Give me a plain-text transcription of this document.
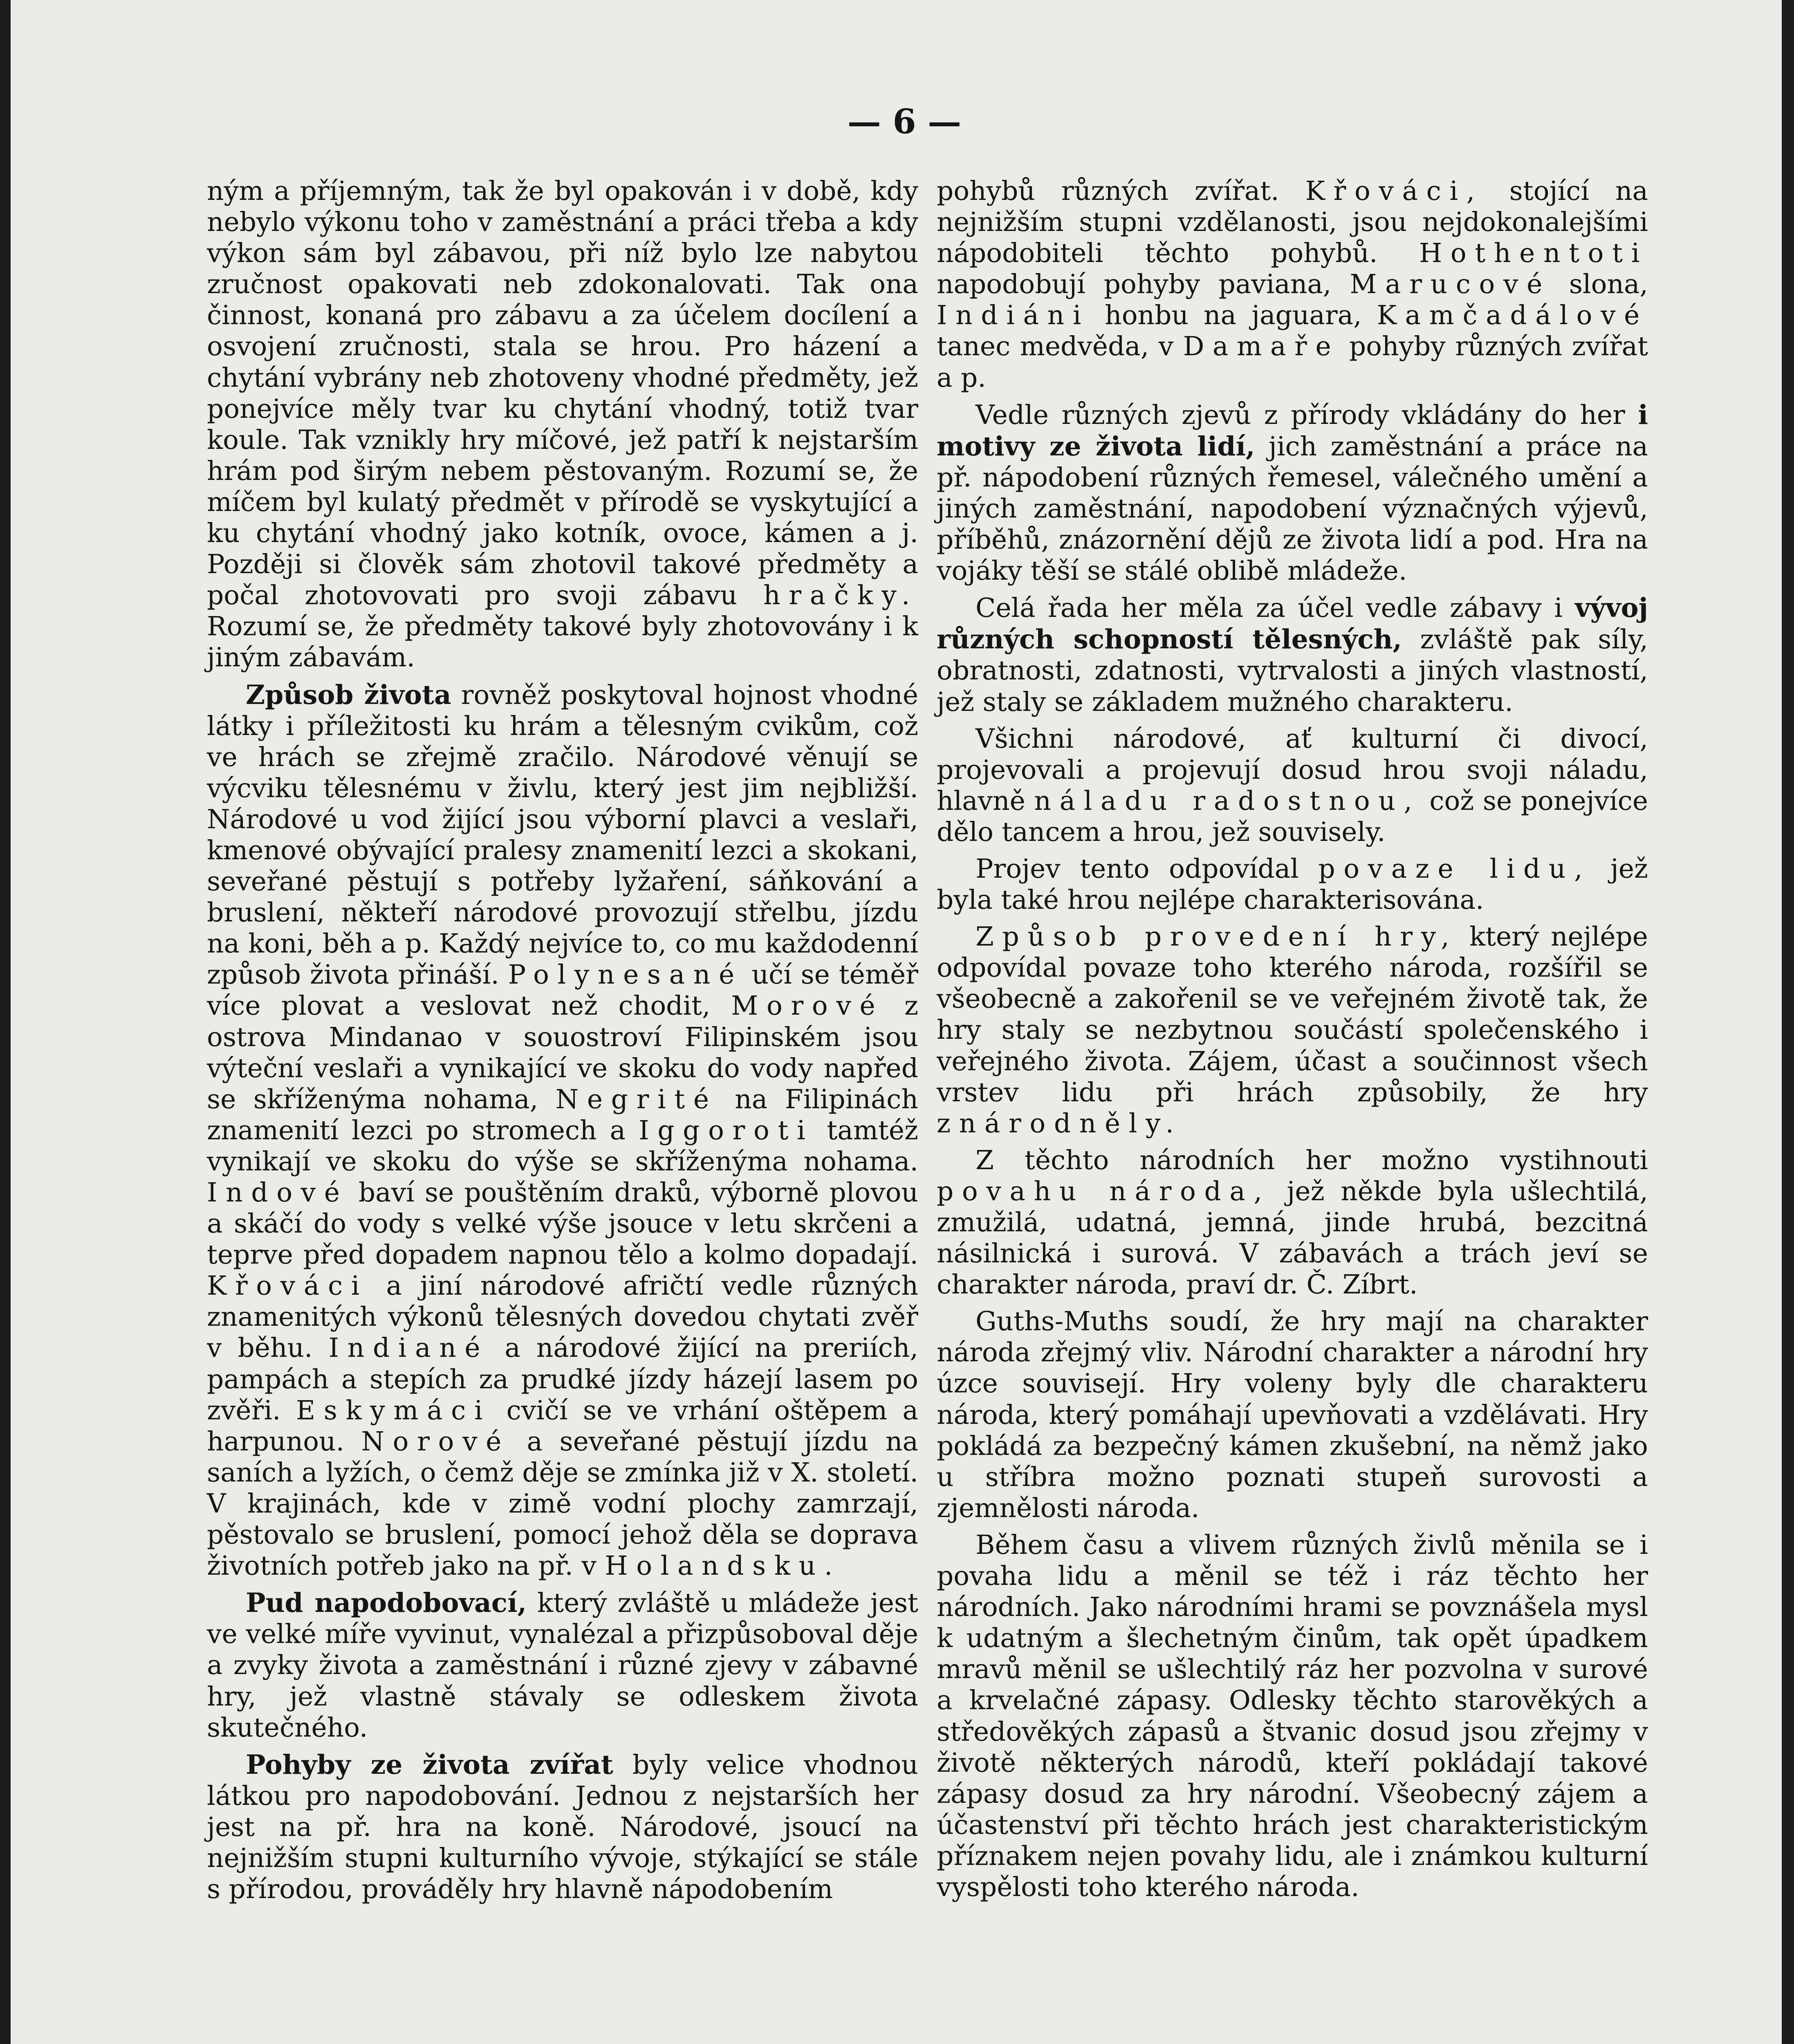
— 6 —

ným a příjemným, tak že byl opakován i v době, kdy nebylo výkonu toho v zaměstnání a práci třeba a kdy výkon sám byl zábavou, při níž bylo lze nabytou zručnost opakovati neb zdokonalovati. Tak ona činnost, konaná pro zábavu a za účelem docílení a osvojení zručnosti, stala se hrou. Pro házení a chytání vybrány neb zhotoveny vhodné předměty, jež ponejvíce měly tvar ku chytání vhodný, totiž tvar koule. Tak vznikly hry míčové, jež patří k nejstarším hrám pod širým nebem pěstovaným. Rozumí se, že míčem byl kulatý předmět v přírodě se vyskytující a ku chytání vhodný jako kotník, ovoce, kámen a j. Později si člověk sám zhotovil takové předměty a počal zhotovovati pro svoji zábavu hračky. Rozumí se, že předměty takové byly zhotovovány i k jiným zábavám.

Způsob života rovněž poskytoval hojnost vhodné látky i příležitosti ku hrám a tělesným cvikům, což ve hrách se zřejmě zračilo. Národové věnují se výcviku tělesnému v živlu, který jest jim nejbližší. Národové u vod žijící jsou výborní plavci a veslaři, kmenové obývající pralesy znamenití lezci a skokani, seveřané pěstují s potřeby lyžaření, sáňkování a bruslení, někteří národové provozují střelbu, jízdu na koni, běh a p. Každý nejvíce to, co mu každodenní způsob života přináší. Polynesané učí se téměř více plovat a veslovat než chodit, Morové z ostrova Mindanao v souostroví Filipinském jsou výteční veslaři a vynikající ve skoku do vody napřed se skříženýma nohama, Negrité na Filipinách znamenití lezci po stromech a Iggoroti tamtéž vynikají ve skoku do výše se skříženýma nohama. Indové baví se pouštěním draků, výborně plovou a skáčí do vody s velké výše jsouce v letu skrčeni a teprve před dopadem napnou tělo a kolmo dopadají. Křováci a jiní národové afričtí vedle různých znamenitých výkonů tělesných dovedou chytati zvěř v běhu. Indiané a národové žijící na preriích, pampách a stepích za prudké jízdy házejí lasem po zvěři. Eskymáci cvičí se ve vrhání oštěpem a harpunou. Norové a seveřané pěstují jízdu na saních a lyžích, o čemž děje se zmínka již v X. století. V krajinách, kde v zimě vodní plochy zamrzají, pěstovalo se bruslení, pomocí jehož děla se doprava životních potřeb jako na př. v Holandsku.

Pud napodobovací, který zvláště u mládeže jest ve velké míře vyvinut, vynalézal a přizpůsoboval děje a zvyky života a zaměstnání i různé zjevy v zábavné hry, jež vlastně stávaly se odleskem života skutečného.

Pohyby ze života zvířat byly velice vhodnou látkou pro napodobování. Jednou z nejstarších her jest na př. hra na koně. Národové, jsoucí na nejnižším stupni kulturního vývoje, stýkající se stále s přírodou, prováděly hry hlavně nápodobením

pohybů různých zvířat. Křováci, stojící na nejnižším stupni vzdělanosti, jsou nejdokonalejšími nápodobiteli těchto pohybů. Hothentoti napodobují pohyby paviana, Marucové slona, Indiáni honbu na jaguara, Kamčadálové tanec medvěda, v Damaře pohyby různých zvířat a p.

Vedle různých zjevů z přírody vkládány do her i motivy ze života lidí, jich zaměstnání a práce na př. nápodobení různých řemesel, válečného umění a jiných zaměstnání, napodobení význačných výjevů, příběhů, znázornění dějů ze života lidí a pod. Hra na vojáky těší se stálé oblibě mládeže.

Celá řada her měla za účel vedle zábavy i vývoj různých schopností tělesných, zvláště pak síly, obratnosti, zdatnosti, vytrvalosti a jiných vlastností, jež staly se základem mužného charakteru.

Všichni národové, ať kulturní či divocí, projevovali a projevují dosud hrou svoji náladu, hlavně náladu radostnou, což se ponejvíce dělo tancem a hrou, jež souvisely.

Projev tento odpovídal povaze lidu, jež byla také hrou nejlépe charakterisována.

Způsob provedení hry, který nejlépe odpovídal povaze toho kterého národa, rozšířil se všeobecně a zakořenil se ve veřejném životě tak, že hry staly se nezbytnou součástí společenského i veřejného života. Zájem, účast a součinnost všech vrstev lidu při hrách způsobily, že hry znárodněly.

Z těchto národních her možno vystihnouti povahu národa, jež někde byla ušlechtilá, zmužilá, udatná, jemná, jinde hrubá, bezcitná násilnická i surová. V zábavách a trách jeví se charakter národa, praví dr. Č. Zíbrt.

Guths-Muths soudí, že hry mají na charakter národa zřejmý vliv. Národní charakter a národní hry úzce souvisejí. Hry voleny byly dle charakteru národa, který pomáhají upevňovati a vzdělávati. Hry pokládá za bezpečný kámen zkušební, na němž jako u stříbra možno poznati stupeň surovosti a zjemnělosti národa.

Během času a vlivem různých živlů měnila se i povaha lidu a měnil se též i ráz těchto her národních. Jako národními hrami se povznášela mysl k udatným a šlechetným činům, tak opět úpadkem mravů měnil se ušlechtilý ráz her pozvolna v surové a krvelačné zápasy. Odlesky těchto starověkých a středověkých zápasů a štvanic dosud jsou zřejmy v životě některých národů, kteří pokládají takové zápasy dosud za hry národní. Všeobecný zájem a účastenství při těchto hrách jest charakteristickým příznakem nejen povahy lidu, ale i známkou kulturní vyspělosti toho kterého národa.
